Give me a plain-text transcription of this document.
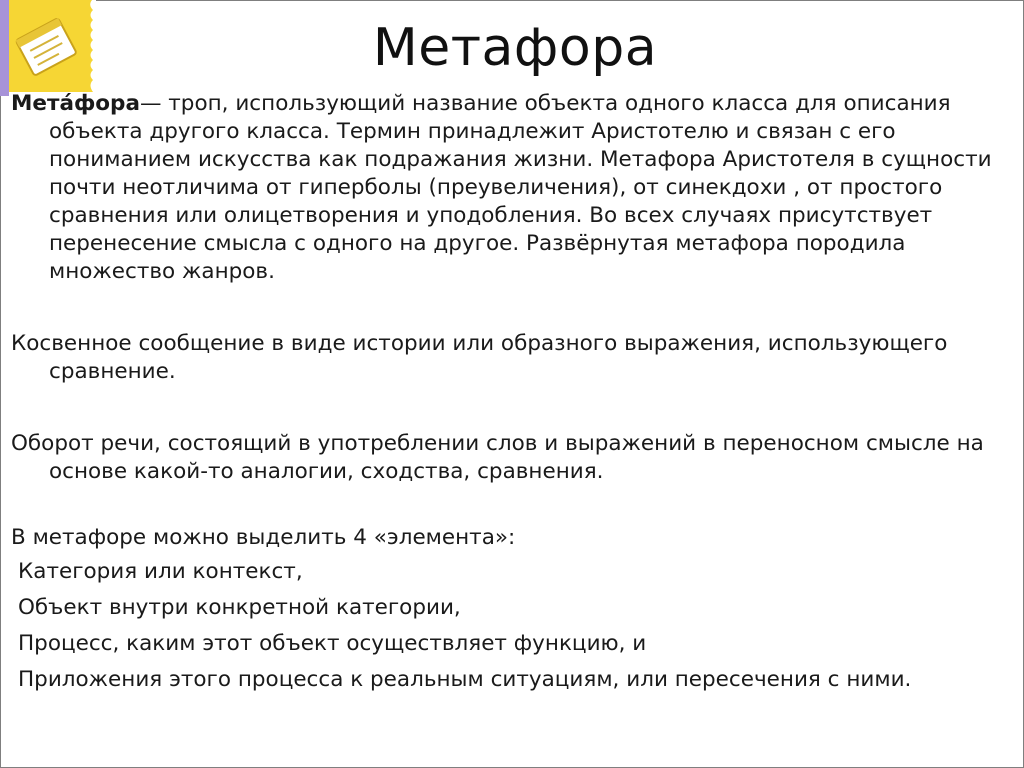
Метафора

Мета́фора— троп, использующий название объекта одного класса для описания объекта другого класса. Термин принадлежит Аристотелю и связан с его пониманием искусства как подражания жизни. Метафора Аристотеля в сущности почти неотличима от гиперболы (преувеличения), от синекдохи , от простого сравнения или олицетворения и уподобления. Во всех случаях присутствует перенесение смысла с одного на другое. Развёрнутая метафора породила множество жанров.

Косвенное сообщение в виде истории или образного выражения, использующего сравнение.

Оборот речи, состоящий в употреблении слов и выражений в переносном смысле на основе какой-то аналогии, сходства, сравнения.

В метафоре можно выделить 4 «элемента»:

Категория или контекст,
Объект внутри конкретной категории,
Процесс, каким этот объект осуществляет функцию, и
Приложения этого процесса к реальным ситуациям, или пересечения с ними.
